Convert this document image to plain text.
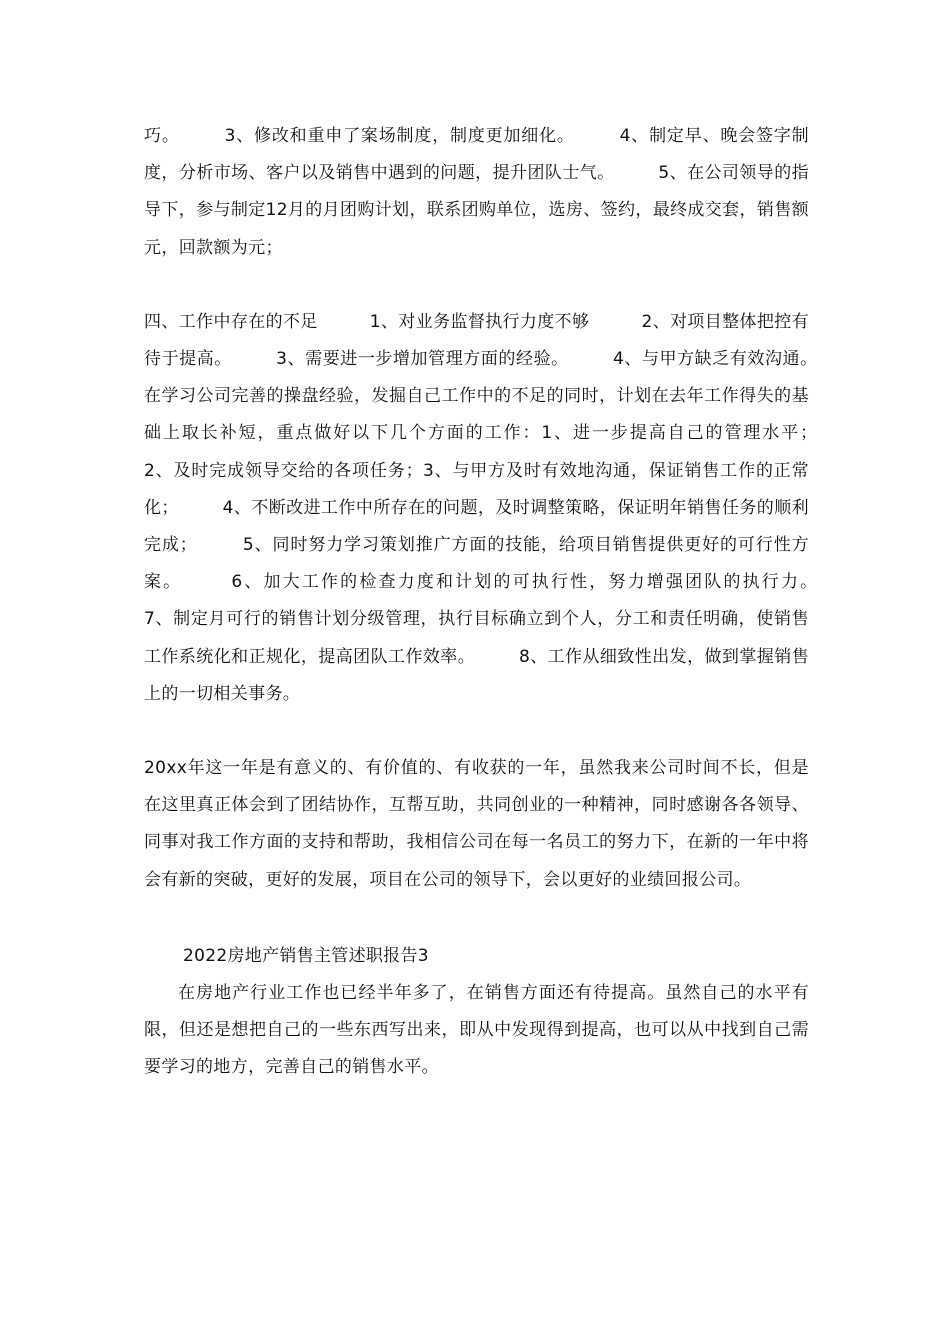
巧。　　　3、修改和重申了案场制度，制度更加细化。　　　4、制定早、晚会签字制度，分析市场、客户以及销售中遇到的问题，提升团队士气。　　　5、在公司领导的指导下，参与制定12月的月团购计划，联系团购单位，选房、签约，最终成交套，销售额元，回款额为元；

四、工作中存在的不足　　　1、对业务监督执行力度不够　　　2、对项目整体把控有待于提高。　　　3、需要进一步增加管理方面的经验。　　　4、与甲方缺乏有效沟通。　　　在学习公司完善的操盘经验，发掘自己工作中的不足的同时，计划在去年工作得失的基础上取长补短，重点做好以下几个方面的工作：1、进一步提高自己的管理水平；　　　2、及时完成领导交给的各项任务；3、与甲方及时有效地沟通，保证销售工作的正常化；　　　4、不断改进工作中所存在的问题，及时调整策略，保证明年销售任务的顺利完成；　　　5、同时努力学习策划推广方面的技能，给项目销售提供更好的可行性方案。　　　6、加大工作的检查力度和计划的可执行性，努力增强团队的执行力。　　　7、制定月可行的销售计划分级管理，执行目标确立到个人，分工和责任明确，使销售工作系统化和正规化，提高团队工作效率。　　　8、工作从细致性出发，做到掌握销售上的一切相关事务。

20xx年这一年是有意义的、有价值的、有收获的一年，虽然我来公司时间不长，但是在这里真正体会到了团结协作，互帮互助，共同创业的一种精神，同时感谢各各领导、同事对我工作方面的支持和帮助，我相信公司在每一名员工的努力下，在新的一年中将会有新的突破，更好的发展，项目在公司的领导下，会以更好的业绩回报公司。

2022房地产销售主管述职报告3

在房地产行业工作也已经半年多了，在销售方面还有待提高。虽然自己的水平有限，但还是想把自己的一些东西写出来，即从中发现得到提高，也可以从中找到自己需要学习的地方，完善自己的销售水平。
